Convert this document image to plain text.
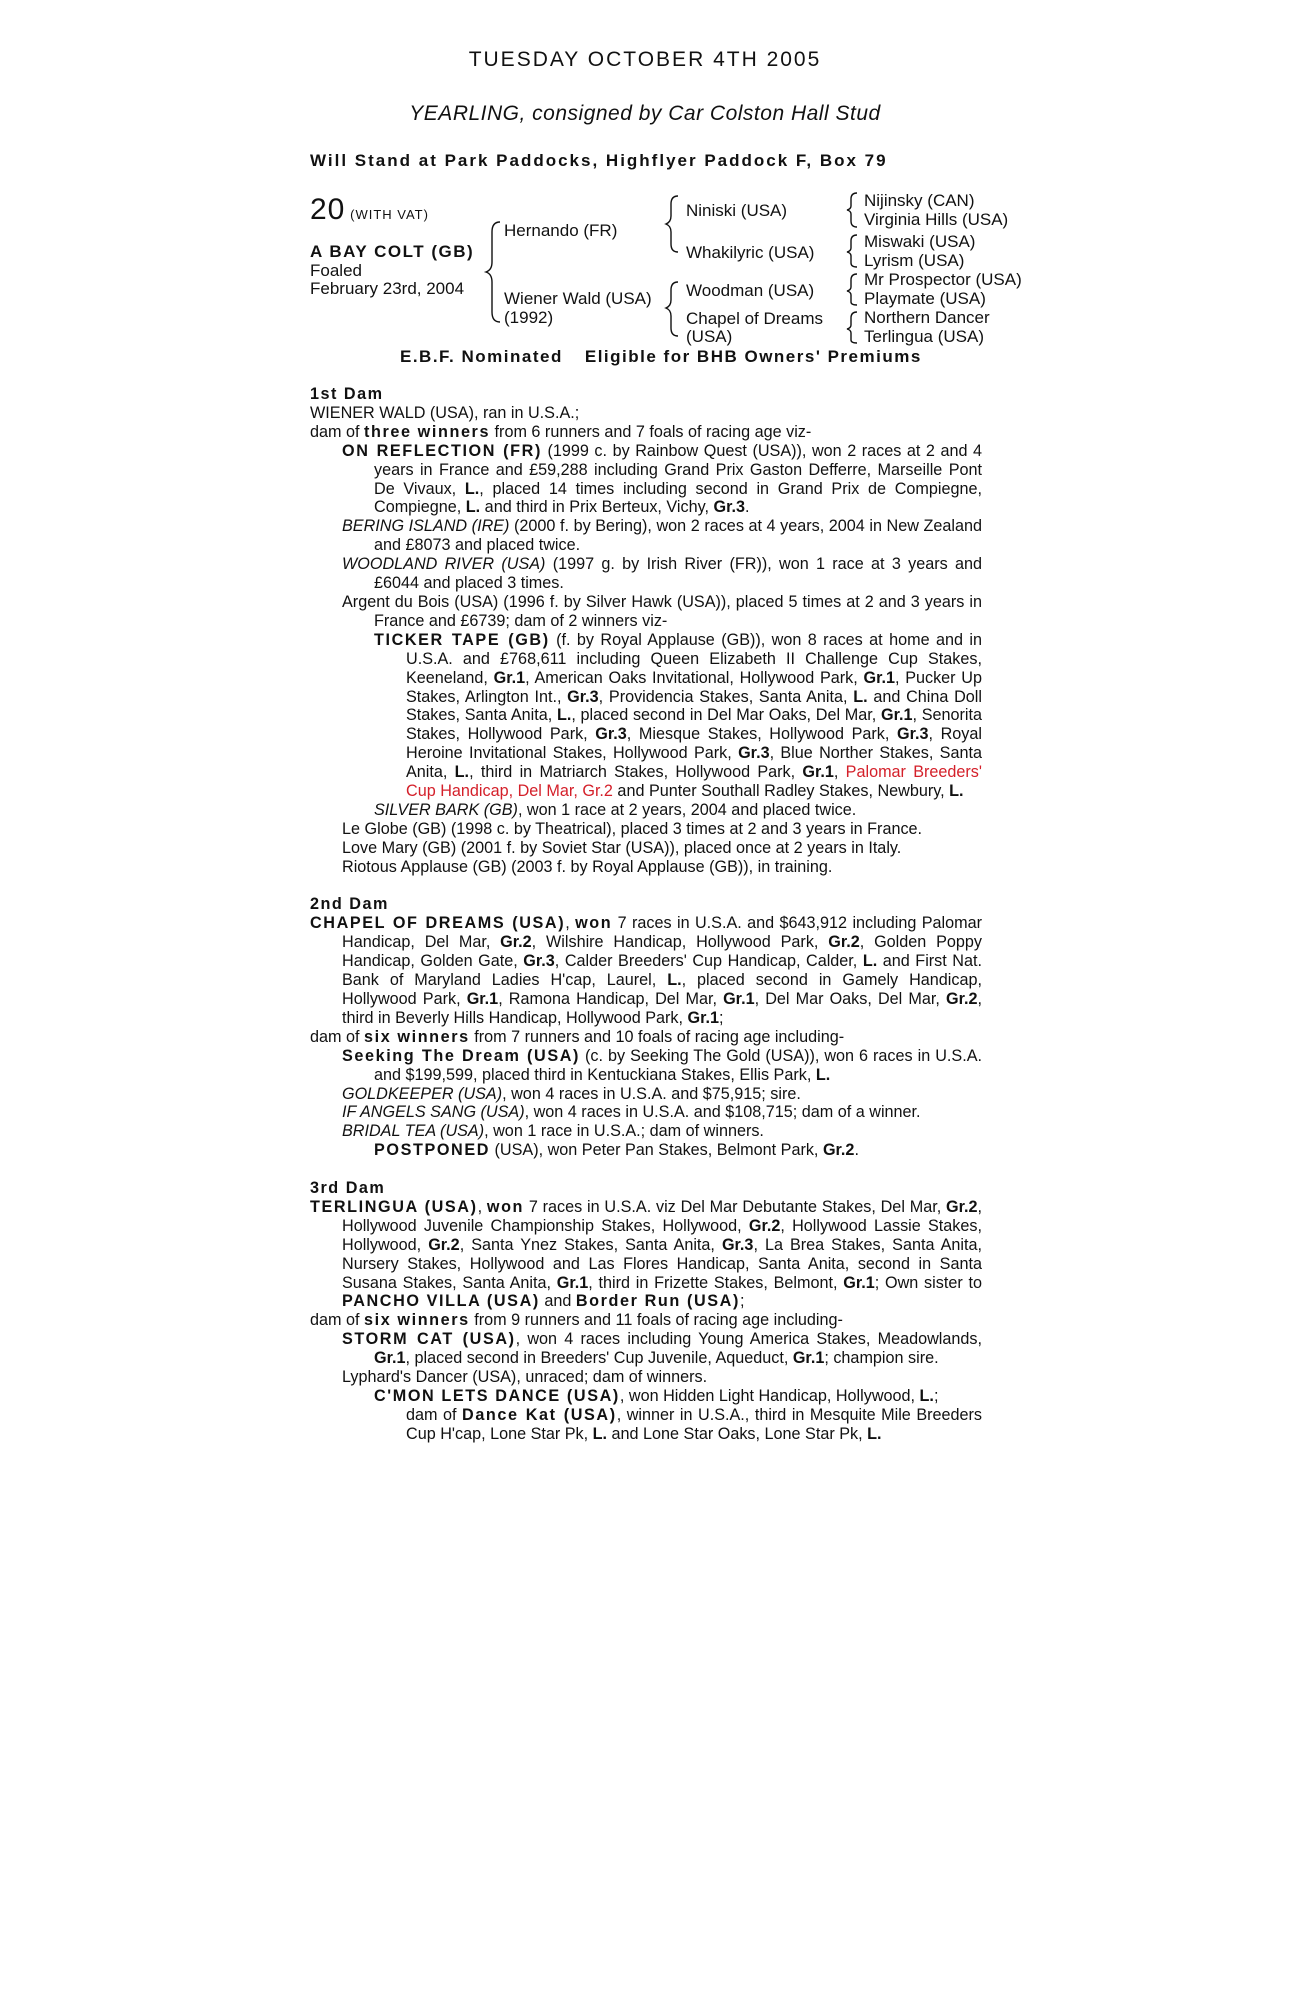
TUESDAY OCTOBER 4TH 2005
YEARLING, consigned by Car Colston Hall Stud
Will Stand at Park Paddocks, Highflyer Paddock F, Box 79
20 (WITH VAT)
A BAY COLT (GB)
Foaled
February 23rd, 2004
Hernando (FR)
Wiener Wald (USA)
(1992)
Niniski (USA)
Whakilyric (USA)
Woodman (USA)
Chapel of Dreams
(USA)
Nijinsky (CAN)
Virginia Hills (USA)
Miswaki (USA)
Lyrism (USA)
Mr Prospector (USA)
Playmate (USA)
Northern Dancer
Terlingua (USA)
E.B.F. Nominated Eligible for BHB Owners' Premiums

1st Dam

WIENER WALD (USA), ran in U.S.A.;

dam of three winners from 6 runners and 7 foals of racing age viz-

ON REFLECTION (FR) (1999 c. by Rainbow Quest (USA)), won 2 races at 2 and 4 years in France and £59,288 including Grand Prix Gaston Defferre, Marseille Pont De Vivaux, L., placed 14 times including second in Grand Prix de Compiegne, Compiegne, L. and third in Prix Berteux, Vichy, Gr.3.

BERING ISLAND (IRE) (2000 f. by Bering), won 2 races at 4 years, 2004 in New Zealand and £8073 and placed twice.

WOODLAND RIVER (USA) (1997 g. by Irish River (FR)), won 1 race at 3 years and £6044 and placed 3 times.

Argent du Bois (USA) (1996 f. by Silver Hawk (USA)), placed 5 times at 2 and 3 years in France and £6739; dam of 2 winners viz-

TICKER TAPE (GB) (f. by Royal Applause (GB)), won 8 races at home and in U.S.A. and £768,611 including Queen Elizabeth II Challenge Cup Stakes, Keeneland, Gr.1, American Oaks Invitational, Hollywood Park, Gr.1, Pucker Up Stakes, Arlington Int., Gr.3, Providencia Stakes, Santa Anita, L. and China Doll Stakes, Santa Anita, L., placed second in Del Mar Oaks, Del Mar, Gr.1, Senorita Stakes, Hollywood Park, Gr.3, Miesque Stakes, Hollywood Park, Gr.3, Royal Heroine Invitational Stakes, Hollywood Park, Gr.3, Blue Norther Stakes, Santa Anita, L., third in Matriarch Stakes, Hollywood Park, Gr.1, Palomar Breeders' Cup Handicap, Del Mar, Gr.2 and Punter Southall Radley Stakes, Newbury, L.

SILVER BARK (GB), won 1 race at 2 years, 2004 and placed twice.

Le Globe (GB) (1998 c. by Theatrical), placed 3 times at 2 and 3 years in France.

Love Mary (GB) (2001 f. by Soviet Star (USA)), placed once at 2 years in Italy.

Riotous Applause (GB) (2003 f. by Royal Applause (GB)), in training.

2nd Dam

CHAPEL OF DREAMS (USA), won 7 races in U.S.A. and $643,912 including Palomar Handicap, Del Mar, Gr.2, Wilshire Handicap, Hollywood Park, Gr.2, Golden Poppy Handicap, Golden Gate, Gr.3, Calder Breeders' Cup Handicap, Calder, L. and First Nat. Bank of Maryland Ladies H'cap, Laurel, L., placed second in Gamely Handicap, Hollywood Park, Gr.1, Ramona Handicap, Del Mar, Gr.1, Del Mar Oaks, Del Mar, Gr.2, third in Beverly Hills Handicap, Hollywood Park, Gr.1;

dam of six winners from 7 runners and 10 foals of racing age including-

Seeking The Dream (USA) (c. by Seeking The Gold (USA)), won 6 races in U.S.A. and $199,599, placed third in Kentuckiana Stakes, Ellis Park, L.

GOLDKEEPER (USA), won 4 races in U.S.A. and $75,915; sire.

IF ANGELS SANG (USA), won 4 races in U.S.A. and $108,715; dam of a winner.

BRIDAL TEA (USA), won 1 race in U.S.A.; dam of winners.

POSTPONED (USA), won Peter Pan Stakes, Belmont Park, Gr.2.

3rd Dam

TERLINGUA (USA), won 7 races in U.S.A. viz Del Mar Debutante Stakes, Del Mar, Gr.2, Hollywood Juvenile Championship Stakes, Hollywood, Gr.2, Hollywood Lassie Stakes, Hollywood, Gr.2, Santa Ynez Stakes, Santa Anita, Gr.3, La Brea Stakes, Santa Anita, Nursery Stakes, Hollywood and Las Flores Handicap, Santa Anita, second in Santa Susana Stakes, Santa Anita, Gr.1, third in Frizette Stakes, Belmont, Gr.1; Own sister to PANCHO VILLA (USA) and Border Run (USA);

dam of six winners from 9 runners and 11 foals of racing age including-

STORM CAT (USA), won 4 races including Young America Stakes, Meadowlands, Gr.1, placed second in Breeders' Cup Juvenile, Aqueduct, Gr.1; champion sire.

Lyphard's Dancer (USA), unraced; dam of winners.

C'MON LETS DANCE (USA), won Hidden Light Handicap, Hollywood, L.;

dam of Dance Kat (USA), winner in U.S.A., third in Mesquite Mile Breeders Cup H'cap, Lone Star Pk, L. and Lone Star Oaks, Lone Star Pk, L.
